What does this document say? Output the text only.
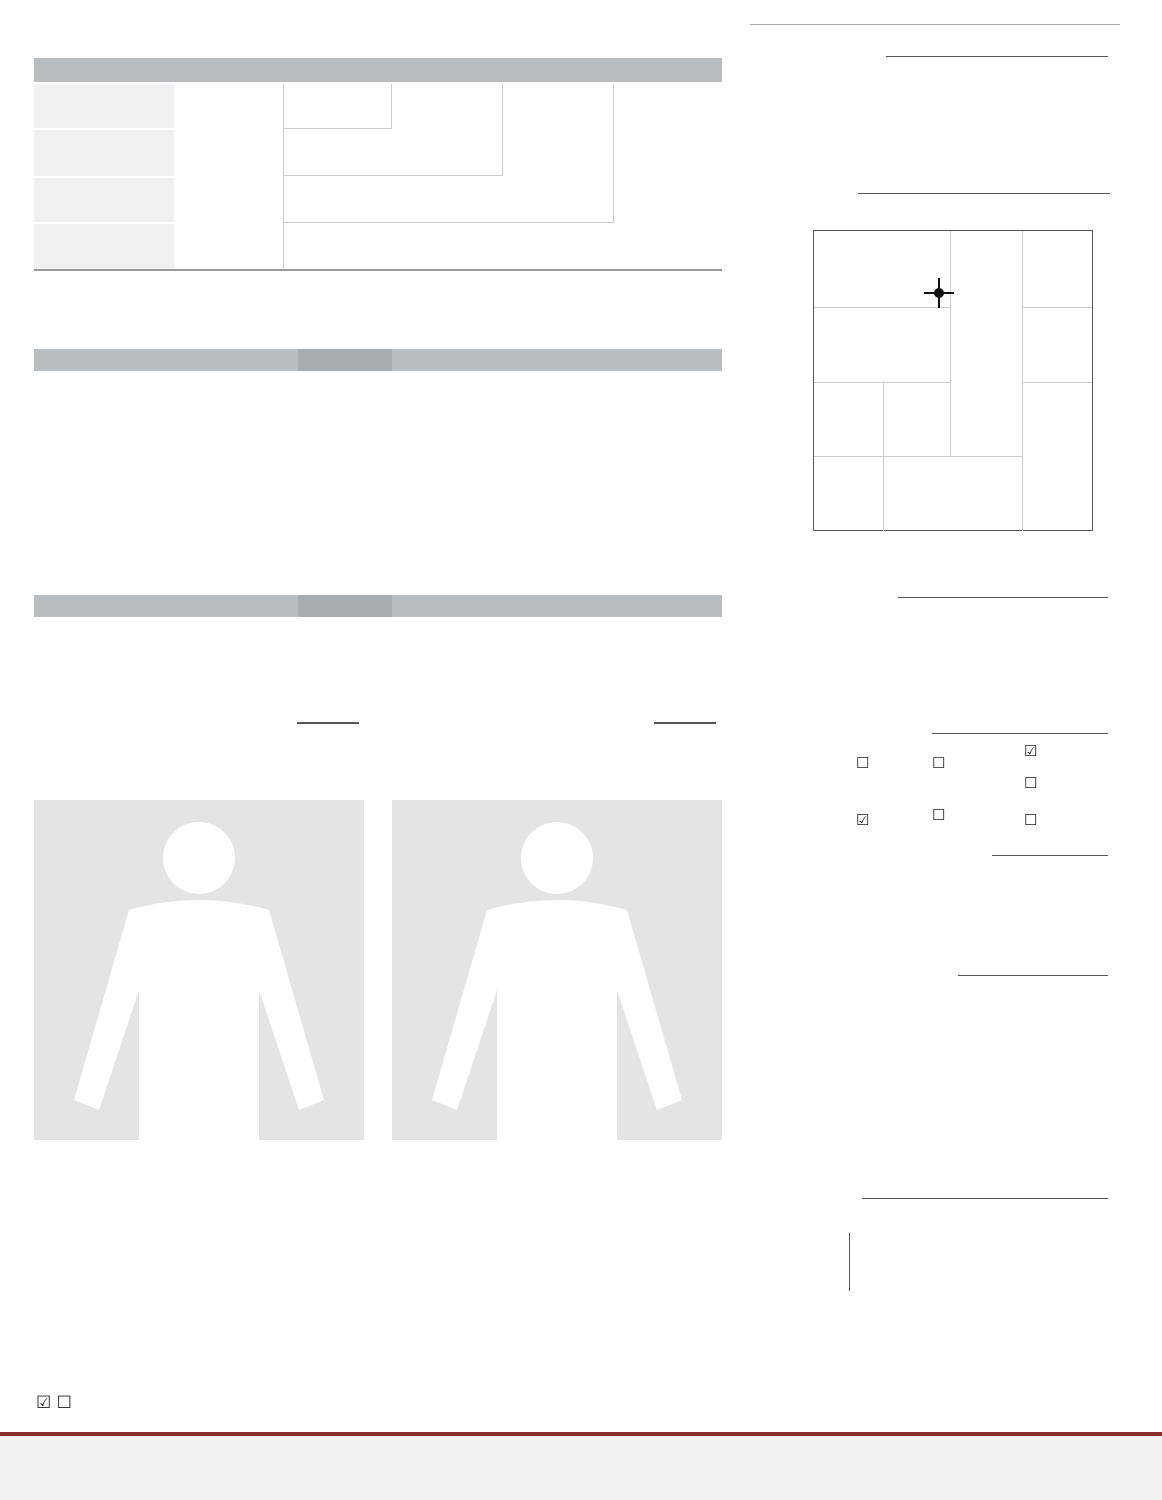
☑ ☐
☐	☐
☑
☐
☑	☐	☐
